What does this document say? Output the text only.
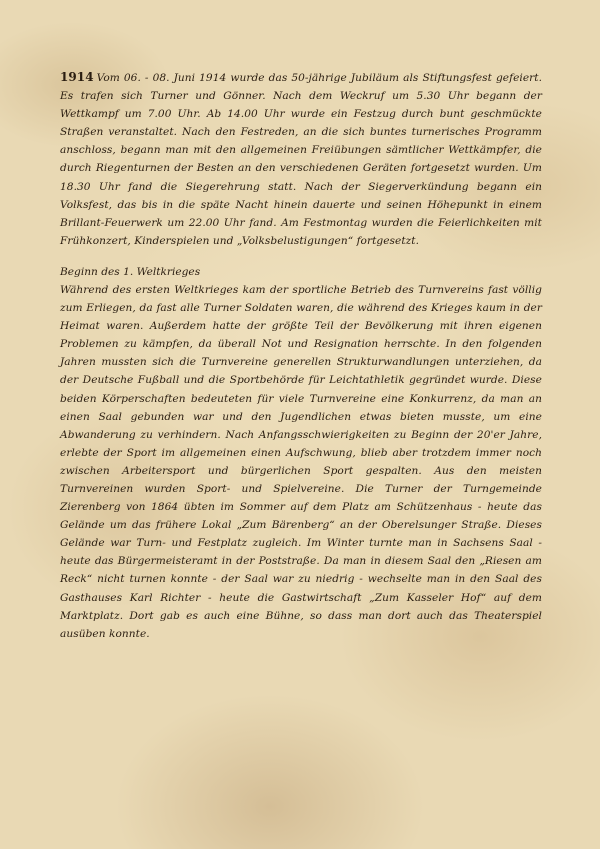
1914 Vom 06. - 08. Juni 1914 wurde das 50-jährige Jubiläum als Stiftungsfest gefeiert. Es trafen sich Turner und Gönner. Nach dem Weckruf um 5.30 Uhr begann der Wettkampf um 7.00 Uhr. Ab 14.00 Uhr wurde ein Festzug durch bunt geschmückte Straßen veranstaltet. Nach den Festreden, an die sich buntes turnerisches Programm anschloss, begann man mit den allgemeinen Freiübungen sämtlicher Wettkämpfer, die durch Riegenturnen der Besten an den verschiedenen Geräten fortgesetzt wurden. Um 18.30 Uhr fand die Siegerehrung statt. Nach der Siegerverkündung begann ein Volksfest, das bis in die späte Nacht hinein dauerte und seinen Höhepunkt in einem Brillant-Feuerwerk um 22.00 Uhr fand. Am Festmontag wurden die Feierlichkeiten mit Frühkonzert, Kinderspielen und „Volksbelustigungen“ fortgesetzt.

Beginn des 1. Weltkrieges

Während des ersten Weltkrieges kam der sportliche Betrieb des Turnvereins fast völlig zum Erliegen, da fast alle Turner Soldaten waren, die während des Krieges kaum in der Heimat waren. Außerdem hatte der größte Teil der Bevölkerung mit ihren eigenen Problemen zu kämpfen, da überall Not und Resignation herrschte. In den folgenden Jahren mussten sich die Turnvereine generellen Strukturwandlungen unterziehen, da der Deutsche Fußball und die Sportbehörde für Leichtathletik gegründet wurde. Diese beiden Körperschaften bedeuteten für viele Turnvereine eine Konkurrenz, da man an einen Saal gebunden war und den Jugendlichen etwas bieten musste, um eine Abwanderung zu verhindern. Nach Anfangsschwierigkeiten zu Beginn der 20'er Jahre, erlebte der Sport im allgemeinen einen Aufschwung, blieb aber trotzdem immer noch zwischen Arbeitersport und bürgerlichen Sport gespalten. Aus den meisten Turnvereinen wurden Sport- und Spielvereine. Die Turner der Turngemeinde Zierenberg von 1864 übten im Sommer auf dem Platz am Schützenhaus - heute das Gelände um das frühere Lokal „Zum Bärenberg“ an der Oberelsunger Straße. Dieses Gelände war Turn- und Festplatz zugleich. Im Winter turnte man in Sachsens Saal - heute das Bürgermeisteramt in der Poststraße. Da man in diesem Saal den „Riesen am Reck“ nicht turnen konnte - der Saal war zu niedrig - wechselte man in den Saal des Gasthauses Karl Richter - heute die Gastwirtschaft „Zum Kasseler Hof“ auf dem Marktplatz. Dort gab es auch eine Bühne, so dass man dort auch das Theaterspiel ausüben konnte.
